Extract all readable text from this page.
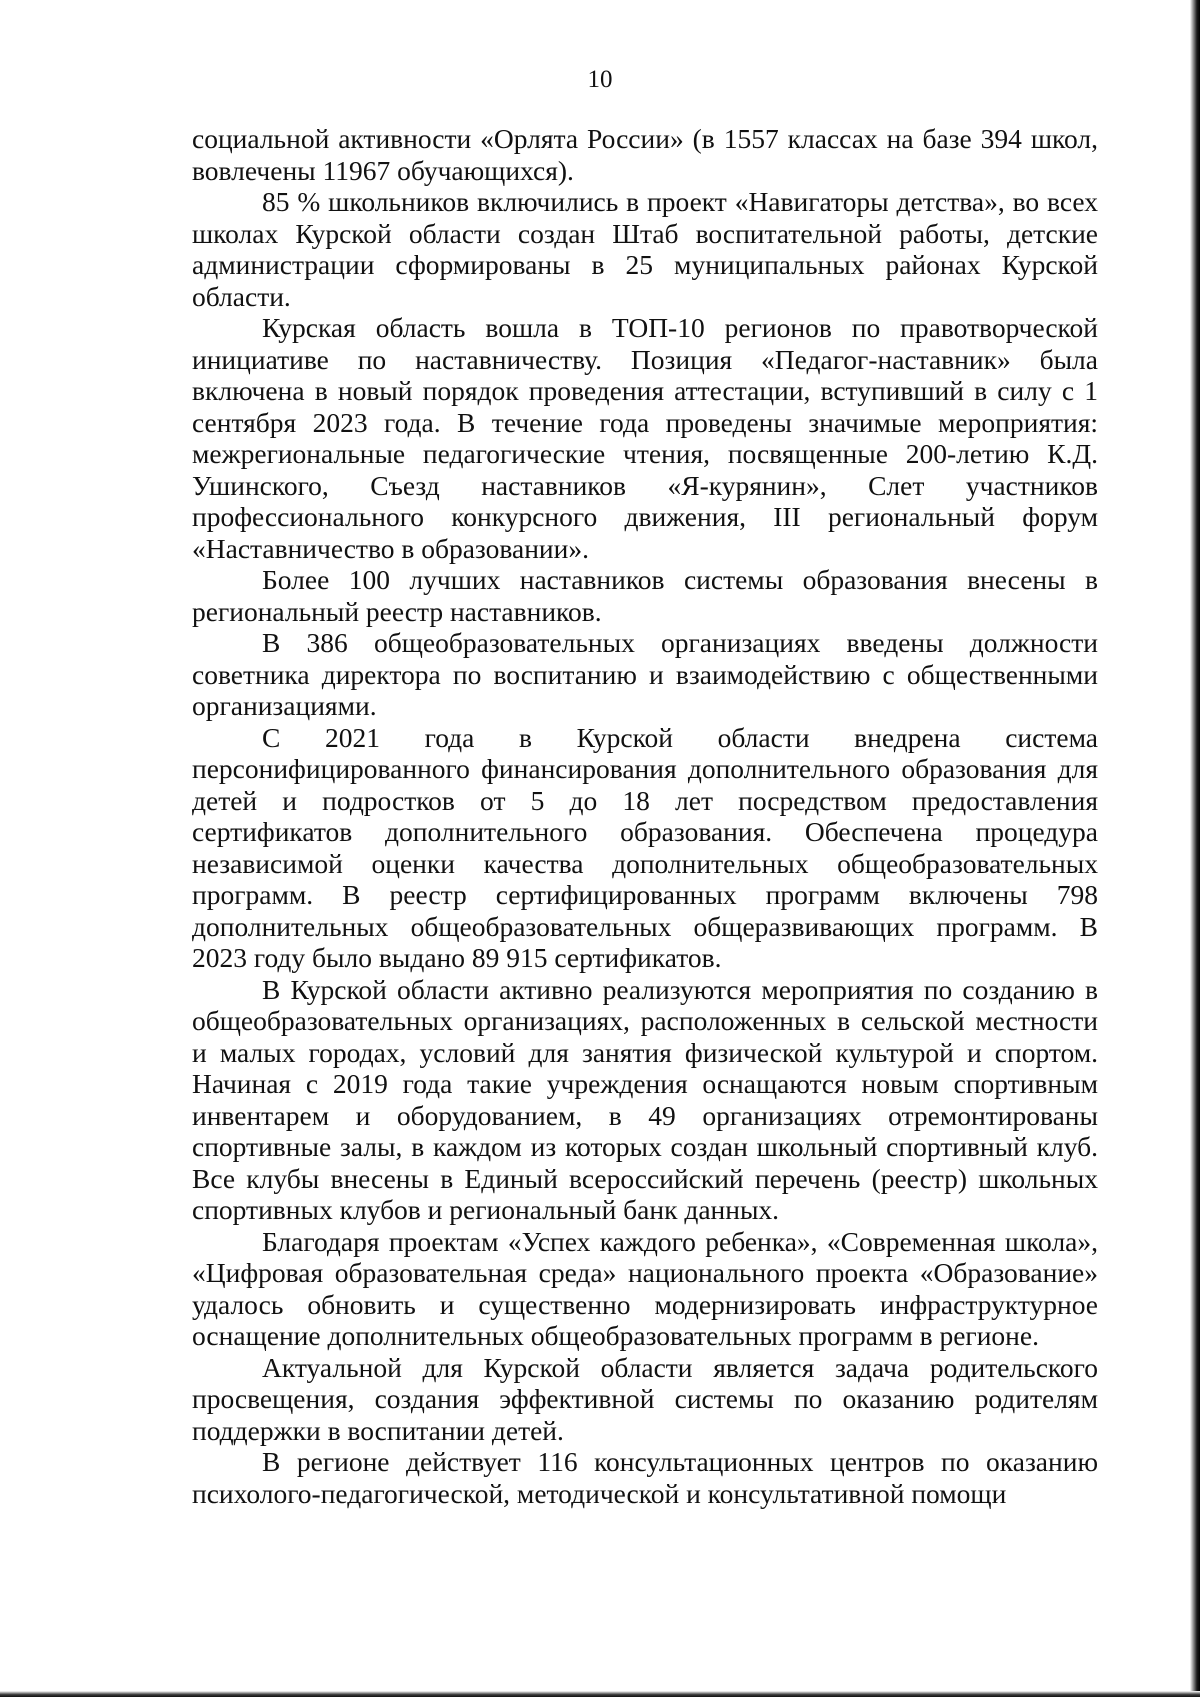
10

социальной активности «Орлята России» (в 1557 классах на базе 394 школ, вовлечены 11967 обучающихся).

85 % школьников включились в проект «Навигаторы детства», во всех школах Курской области создан Штаб воспитательной работы, детские администрации сформированы в 25 муниципальных районах Курской области.

Курская область вошла в ТОП-10 регионов по правотворческой инициативе по наставничеству. Позиция «Педагог-наставник» была включена в новый порядок проведения аттестации, вступивший в силу с 1 сентября 2023 года. В течение года проведены значимые мероприятия: межрегиональные педагогические чтения, посвященные 200-летию К.Д. Ушинского, Съезд наставников «Я-курянин», Слет участников профессионального конкурсного движения, III региональный форум «Наставничество в образовании».

Более 100 лучших наставников системы образования внесены в региональный реестр наставников.

В 386 общеобразовательных организациях введены должности советника директора по воспитанию и взаимодействию с общественными организациями.

С 2021 года в Курской области внедрена система персонифицированного финансирования дополнительного образования для детей и подростков от 5 до 18 лет посредством предоставления сертификатов дополнительного образования. Обеспечена процедура независимой оценки качества дополнительных общеобразовательных программ. В реестр сертифицированных программ включены 798 дополнительных общеобразовательных общеразвивающих программ. В 2023 году было выдано 89 915 сертификатов.

В Курской области активно реализуются мероприятия по созданию в общеобразовательных организациях, расположенных в сельской местности и малых городах, условий для занятия физической культурой и спортом. Начиная с 2019 года такие учреждения оснащаются новым спортивным инвентарем и оборудованием, в 49 организациях отремонтированы спортивные залы, в каждом из которых создан школьный спортивный клуб. Все клубы внесены в Единый всероссийский перечень (реестр) школьных спортивных клубов и региональный банк данных.

Благодаря проектам «Успех каждого ребенка», «Современная школа», «Цифровая образовательная среда» национального проекта «Образование» удалось обновить и существенно модернизировать инфраструктурное оснащение дополнительных общеобразовательных программ в регионе.

Актуальной для Курской области является задача родительского просвещения, создания эффективной системы по оказанию родителям поддержки в воспитании детей.

В регионе действует 116 консультационных центров по оказанию психолого-педагогической, методической и консультативной помощи
